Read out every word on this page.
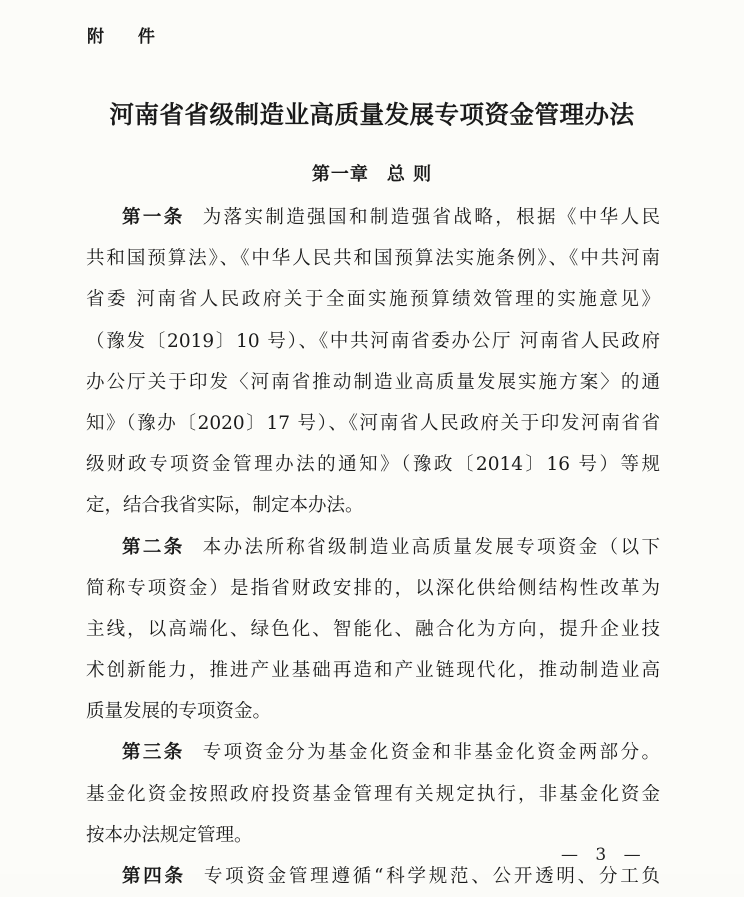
附 件
河南省省级制造业高质量发展专项资金管理办法
第一章 总 则
第一条 为落实制造强国和制造强省战略，根据《中华人民
共和国预算法》、《中华人民共和国预算法实施条例》、《中共河南
省委 河南省人民政府关于全面实施预算绩效管理的实施意见》
（豫发〔2019〕10 号）、《中共河南省委办公厅 河南省人民政府
办公厅关于印发〈河南省推动制造业高质量发展实施方案〉的通
知》（豫办〔2020〕17 号）、《河南省人民政府关于印发河南省省
级财政专项资金管理办法的通知》（豫政〔2014〕16 号）等规
定，结合我省实际，制定本办法。
第二条 本办法所称省级制造业高质量发展专项资金（以下
简称专项资金）是指省财政安排的，以深化供给侧结构性改革为
主线，以高端化、绿色化、智能化、融合化为方向，提升企业技
术创新能力，推进产业基础再造和产业链现代化，推动制造业高
质量发展的专项资金。
第三条 专项资金分为基金化资金和非基金化资金两部分。
基金化资金按照政府投资基金管理有关规定执行，非基金化资金
按本办法规定管理。
第四条 专项资金管理遵循“科学规范、公开透明、分工负
— 3 —
